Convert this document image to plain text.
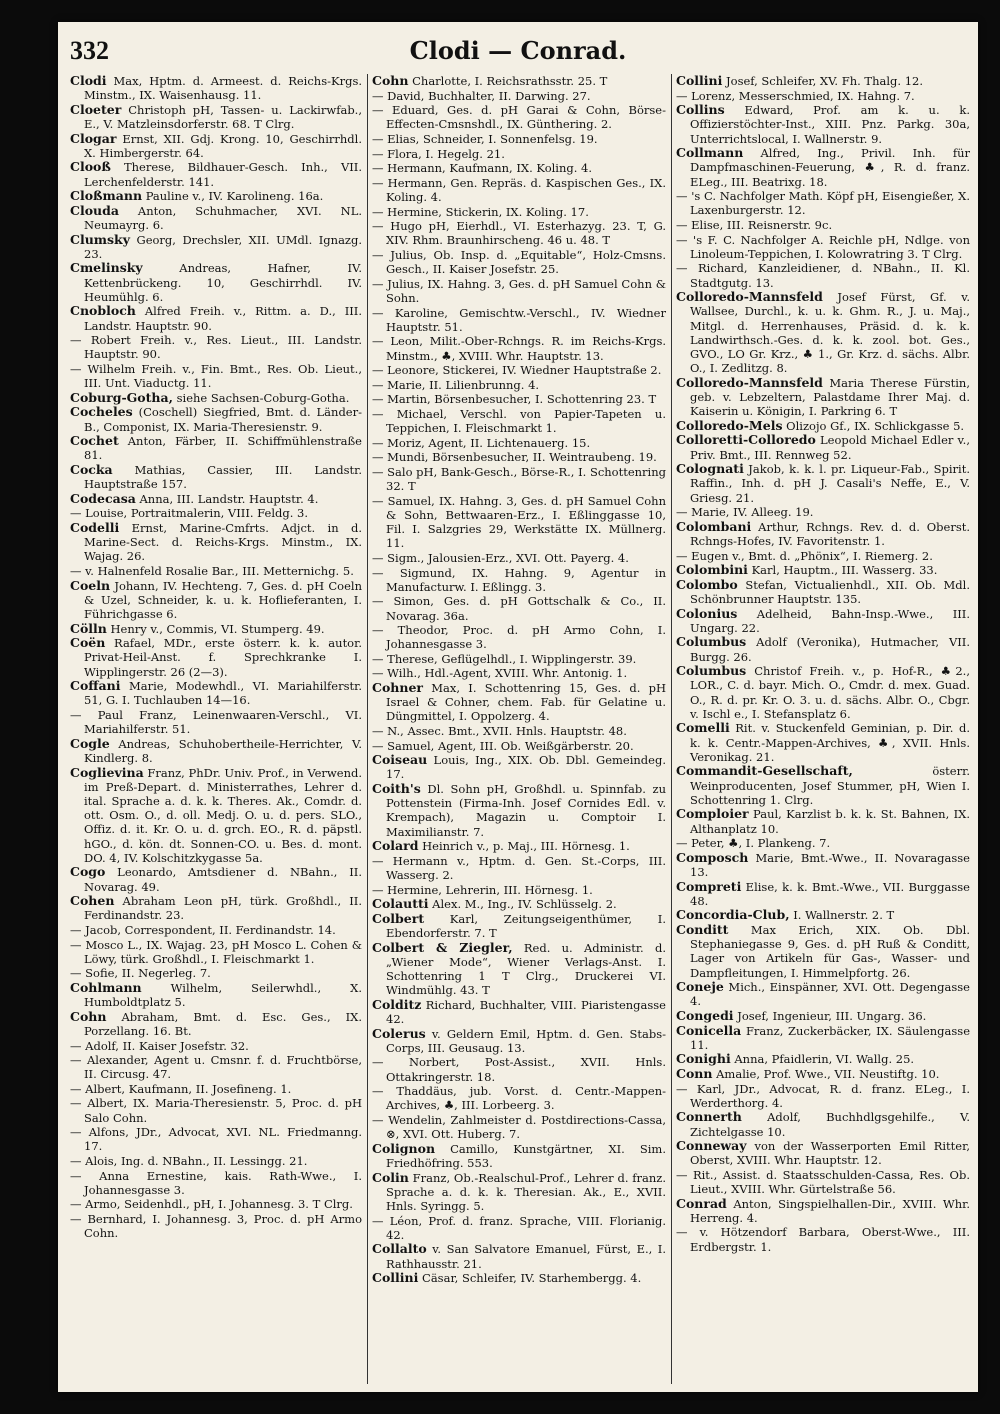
332	Clodi — Conrad.

Clodi Max, Hptm. d. Armeest. d. Reichs-Krgs. Minstm., IX. Waisenhausg. 11.

Cloeter Christoph pH, Tassen- u. Lackirwfab., E., V. Matzleinsdorferstr. 68. T Clrg.

Clogar Ernst, XII. Gdj. Krong. 10, Geschirrhdl. X. Himbergerstr. 64.

Clooß Therese, Bildhauer-Gesch. Inh., VII. Lerchenfelderstr. 141.

Cloßmann Pauline v., IV. Karolineng. 16a.

Clouda Anton, Schuhmacher, XVI. NL. Neumayrg. 6.

Clumsky Georg, Drechsler, XII. UMdl. Ignazg. 23.

Cmelinsky Andreas, Hafner, IV. Kettenbrückeng. 10, Geschirrhdl. IV. Heumühlg. 6.

Cnobloch Alfred Freih. v., Rittm. a. D., III. Landstr. Hauptstr. 90.

— Robert Freih. v., Res. Lieut., III. Landstr. Hauptstr. 90.

— Wilhelm Freih. v., Fin. Bmt., Res. Ob. Lieut., III. Unt. Viaductg. 11.

Coburg-Gotha, siehe Sachsen-Coburg-Gotha.

Cocheles (Coschell) Siegfried, Bmt. d. Länder-B., Componist, IX. Maria-Theresienstr. 9.

Cochet Anton, Färber, II. Schiffmühlenstraße 81.

Cocka Mathias, Cassier, III. Landstr. Hauptstraße 157.

Codecasa Anna, III. Landstr. Hauptstr. 4.

— Louise, Portraitmalerin, VIII. Feldg. 3.

Codelli Ernst, Marine-Cmfrts. Adjct. in d. Marine-Sect. d. Reichs-Krgs. Minstm., IX. Wajag. 26.

— v. Halnenfeld Rosalie Bar., III. Metternichg. 5.

Coeln Johann, IV. Hechteng. 7, Ges. d. pH Coeln & Uzel, Schneider, k. u. k. Hoflieferanten, I. Führichgasse 6.

Cölln Henry v., Commis, VI. Stumperg. 49.

Coën Rafael, MDr., erste österr. k. k. autor. Privat-Heil-Anst. f. Sprechkranke I. Wipplingerstr. 26 (2—3).

Coffani Marie, Modewhdl., VI. Mariahilferstr. 51, G. I. Tuchlauben 14—16.

— Paul Franz, Leinenwaaren-Verschl., VI. Mariahilferstr. 51.

Cogle Andreas, Schuhobertheile-Herrichter, V. Kindlerg. 8.

Coglievina Franz, PhDr. Univ. Prof., in Verwend. im Preß-Depart. d. Ministerrathes, Lehrer d. ital. Sprache a. d. k. k. Theres. Ak., Comdr. d. ott. Osm. O., d. oll. Medj. O. u. d. pers. SLO., Offiz. d. it. Kr. O. u. d. grch. EO., R. d. päpstl. hGO., d. kön. dt. Sonnen-CO. u. Bes. d. mont. DO. 4, IV. Kolschitzkygasse 5a.

Cogo Leonardo, Amtsdiener d. NBahn., II. Novarag. 49.

Cohen Abraham Leon pH, türk. Großhdl., II. Ferdinandstr. 23.

— Jacob, Correspondent, II. Ferdinandstr. 14.

— Mosco L., IX. Wajag. 23, pH Mosco L. Cohen & Löwy, türk. Großhdl., I. Fleischmarkt 1.

— Sofie, II. Negerleg. 7.

Cohlmann Wilhelm, Seilerwhdl., X. Humboldtplatz 5.

Cohn Abraham, Bmt. d. Esc. Ges., IX. Porzellang. 16. Bt.

— Adolf, II. Kaiser Josefstr. 32.

— Alexander, Agent u. Cmsnr. f. d. Fruchtbörse, II. Circusg. 47.

— Albert, Kaufmann, II. Josefineng. 1.

— Albert, IX. Maria-Theresienstr. 5, Proc. d. pH Salo Cohn.

— Alfons, JDr., Advocat, XVI. NL. Friedmanng. 17.

— Alois, Ing. d. NBahn., II. Lessingg. 21.

— Anna Ernestine, kais. Rath-Wwe., I. Johannesgasse 3.

— Armo, Seidenhdl., pH, I. Johannesg. 3. T Clrg.

— Bernhard, I. Johannesg. 3, Proc. d. pH Armo Cohn.

Cohn Charlotte, I. Reichsrathsstr. 25. T

— David, Buchhalter, II. Darwing. 27.

— Eduard, Ges. d. pH Garai & Cohn, Börse-Effecten-Cmsnshdl., IX. Günthering. 2.

— Elias, Schneider, I. Sonnenfelsg. 19.

— Flora, I. Hegelg. 21.

— Hermann, Kaufmann, IX. Koling. 4.

— Hermann, Gen. Repräs. d. Kaspischen Ges., IX. Koling. 4.

— Hermine, Stickerin, IX. Koling. 17.

— Hugo pH, Eierhdl., VI. Esterhazyg. 23. T, G. XIV. Rhm. Braunhirscheng. 46 u. 48. T

— Julius, Ob. Insp. d. „Equitable“, Holz-Cmsns. Gesch., II. Kaiser Josefstr. 25.

— Julius, IX. Hahng. 3, Ges. d. pH Samuel Cohn & Sohn.

— Karoline, Gemischtw.-Verschl., IV. Wiedner Hauptstr. 51.

— Leon, Milit.-Ober-Rchngs. R. im Reichs-Krgs. Minstm., ♣, XVIII. Whr. Hauptstr. 13.

— Leonore, Stickerei, IV. Wiedner Hauptstraße 2.

— Marie, II. Lilienbrunng. 4.

— Martin, Börsenbesucher, I. Schottenring 23. T

— Michael, Verschl. von Papier-Tapeten u. Teppichen, I. Fleischmarkt 1.

— Moriz, Agent, II. Lichtenauerg. 15.

— Mundi, Börsenbesucher, II. Weintraubeng. 19.

— Salo pH, Bank-Gesch., Börse-R., I. Schottenring 32. T

— Samuel, IX. Hahng. 3, Ges. d. pH Samuel Cohn & Sohn, Bettwaaren-Erz., I. Eßlinggasse 10, Fil. I. Salzgries 29, Werkstätte IX. Müllnerg. 11.

— Sigm., Jalousien-Erz., XVI. Ott. Payerg. 4.

— Sigmund, IX. Hahng. 9, Agentur in Manufacturw. I. Eßlingg. 3.

— Simon, Ges. d. pH Gottschalk & Co., II. Novarag. 36a.

— Theodor, Proc. d. pH Armo Cohn, I. Johannesgasse 3.

— Therese, Geflügelhdl., I. Wipplingerstr. 39.

— Wilh., Hdl.-Agent, XVIII. Whr. Antonig. 1.

Cohner Max, I. Schottenring 15, Ges. d. pH Israel & Cohner, chem. Fab. für Gelatine u. Düngmittel, I. Oppolzerg. 4.

— N., Assec. Bmt., XVII. Hnls. Hauptstr. 48.

— Samuel, Agent, III. Ob. Weißgärberstr. 20.

Coiseau Louis, Ing., XIX. Ob. Dbl. Gemeindeg. 17.

Coith's Dl. Sohn pH, Großhdl. u. Spinnfab. zu Pottenstein (Firma-Inh. Josef Cornides Edl. v. Krempach), Magazin u. Comptoir I. Maximilianstr. 7.

Colard Heinrich v., p. Maj., III. Hörnesg. 1.

— Hermann v., Hptm. d. Gen. St.-Corps, III. Wasserg. 2.

— Hermine, Lehrerin, III. Hörnesg. 1.

Colautti Alex. M., Ing., IV. Schlüsselg. 2.

Colbert Karl, Zeitungseigenthümer, I. Ebendorferstr. 7. T

Colbert & Ziegler, Red. u. Administr. d. „Wiener Mode“, Wiener Verlags-Anst. I. Schottenring 1 T Clrg., Druckerei VI. Windmühlg. 43. T

Colditz Richard, Buchhalter, VIII. Piaristengasse 42.

Colerus v. Geldern Emil, Hptm. d. Gen. Stabs-Corps, III. Geusaug. 13.

— Norbert, Post-Assist., XVII. Hnls. Ottakringerstr. 18.

— Thaddäus, jub. Vorst. d. Centr.-Mappen-Archives, ♣, III. Lorbeerg. 3.

— Wendelin, Zahlmeister d. Postdirections-Cassa, ⊗, XVI. Ott. Huberg. 7.

Colignon Camillo, Kunstgärtner, XI. Sim. Friedhöfring. 553.

Colin Franz, Ob.-Realschul-Prof., Lehrer d. franz. Sprache a. d. k. k. Theresian. Ak., E., XVII. Hnls. Syringg. 5.

— Léon, Prof. d. franz. Sprache, VIII. Florianig. 42.

Collalto v. San Salvatore Emanuel, Fürst, E., I. Rathhausstr. 21.

Collini Cäsar, Schleifer, IV. Starhembergg. 4.

Collini Josef, Schleifer, XV. Fh. Thalg. 12.

— Lorenz, Messerschmied, IX. Hahng. 7.

Collins Edward, Prof. am k. u. k. Offizierstöchter-Inst., XIII. Pnz. Parkg. 30a, Unterrichtslocal, I. Wallnerstr. 9.

Collmann Alfred, Ing., Privil. Inh. für Dampfmaschinen-Feuerung, ♣, R. d. franz. ELeg., III. Beatrixg. 18.

— 's C. Nachfolger Math. Köpf pH, Eisengießer, X. Laxenburgerstr. 12.

— Elise, III. Reisnerstr. 9c.

— 's F. C. Nachfolger A. Reichle pH, Ndlge. von Linoleum-Teppichen, I. Kolowratring 3. T Clrg.

— Richard, Kanzleidiener, d. NBahn., II. Kl. Stadtgutg. 13.

Colloredo-Mannsfeld Josef Fürst, Gf. v. Wallsee, Durchl., k. u. k. Ghm. R., J. u. Maj., Mitgl. d. Herrenhauses, Präsid. d. k. k. Landwirthsch.-Ges. d. k. k. zool. bot. Ges., GVO., LO Gr. Krz., ♣ 1., Gr. Krz. d. sächs. Albr. O., I. Zedlitzg. 8.

Colloredo-Mannsfeld Maria Therese Fürstin, geb. v. Lebzeltern, Palastdame Ihrer Maj. d. Kaiserin u. Königin, I. Parkring 6. T

Colloredo-Mels Olizojo Gf., IX. Schlickgasse 5.

Colloretti-Colloredo Leopold Michael Edler v., Priv. Bmt., III. Rennweg 52.

Colognati Jakob, k. k. l. pr. Liqueur-Fab., Spirit. Raffin., Inh. d. pH J. Casali's Neffe, E., V. Griesg. 21.

— Marie, IV. Alleeg. 19.

Colombani Arthur, Rchngs. Rev. d. d. Oberst. Rchngs-Hofes, IV. Favoritenstr. 1.

— Eugen v., Bmt. d. „Phönix“, I. Riemerg. 2.

Colombini Karl, Hauptm., III. Wasserg. 33.

Colombo Stefan, Victualienhdl., XII. Ob. Mdl. Schönbrunner Hauptstr. 135.

Colonius Adelheid, Bahn-Insp.-Wwe., III. Ungarg. 22.

Columbus Adolf (Veronika), Hutmacher, VII. Burgg. 26.

Columbus Christof Freih. v., p. Hof-R., ♣2., LOR., C. d. bayr. Mich. O., Cmdr. d. mex. Guad. O., R. d. pr. Kr. O. 3. u. d. sächs. Albr. O., Cbgr. v. Ischl e., I. Stefansplatz 6.

Comelli Rit. v. Stuckenfeld Geminian, p. Dir. d. k. k. Centr.-Mappen-Archives, ♣, XVII. Hnls. Veronikag. 21.

Commandit-Gesellschaft, österr. Weinproducenten, Josef Stummer, pH, Wien I. Schottenring 1. Clrg.

Comploier Paul, Karzlist b. k. k. St. Bahnen, IX. Althanplatz 10.

— Peter, ♣, I. Plankeng. 7.

Composch Marie, Bmt.-Wwe., II. Novaragasse 13.

Compreti Elise, k. k. Bmt.-Wwe., VII. Burggasse 48.

Concordia-Club, I. Wallnerstr. 2. T

Conditt Max Erich, XIX. Ob. Dbl. Stephaniegasse 9, Ges. d. pH Ruß & Conditt, Lager von Artikeln für Gas-, Wasser- und Dampfleitungen, I. Himmelpfortg. 26.

Coneje Mich., Einspänner, XVI. Ott. Degengasse 4.

Congedi Josef, Ingenieur, III. Ungarg. 36.

Conicella Franz, Zuckerbäcker, IX. Säulengasse 11.

Conighi Anna, Pfaidlerin, VI. Wallg. 25.

Conn Amalie, Prof. Wwe., VII. Neustiftg. 10.

— Karl, JDr., Advocat, R. d. franz. ELeg., I. Werderthorg. 4.

Connerth Adolf, Buchhdlgsgehilfe., V. Zichtelgasse 10.

Conneway von der Wasserporten Emil Ritter, Oberst, XVIII. Whr. Hauptstr. 12.

— Rit., Assist. d. Staatsschulden-Cassa, Res. Ob. Lieut., XVIII. Whr. Gürtelstraße 56.

Conrad Anton, Singspielhallen-Dir., XVIII. Whr. Herreng. 4.

— v. Hötzendorf Barbara, Oberst-Wwe., III. Erdbergstr. 1.
